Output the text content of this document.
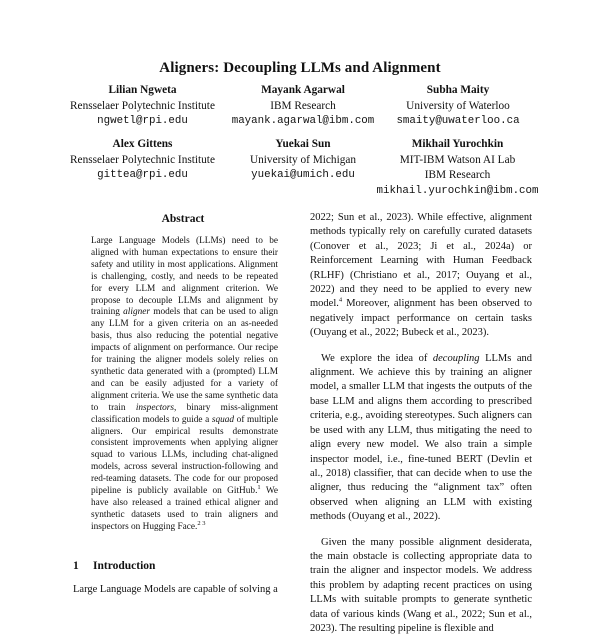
Aligners: Decoupling LLMs and Alignment
Lilian Ngweta
Rensselaer Polytechnic Institute
ngwetl@rpi.edu
Mayank Agarwal
IBM Research
mayank.agarwal@ibm.com
Subha Maity
University of Waterloo
smaity@uwaterloo.ca
Alex Gittens
Rensselaer Polytechnic Institute
gittea@rpi.edu
Yuekai Sun
University of Michigan
yuekai@umich.edu
Mikhail Yurochkin
MIT-IBM Watson AI Lab
IBM Research
mikhail.yurochkin@ibm.com
Abstract
Large Language Models (LLMs) need to be aligned with human expectations to ensure their safety and utility in most applications. Alignment is challenging, costly, and needs to be repeated for every LLM and alignment criterion. We propose to decouple LLMs and alignment by training aligner models that can be used to align any LLM for a given criteria on an as-needed basis, thus also reducing the potential negative impacts of alignment on performance. Our recipe for training the aligner models solely relies on synthetic data generated with a (prompted) LLM and can be easily adjusted for a variety of alignment criteria. We use the same synthetic data to train inspectors, binary miss-alignment classification models to guide a squad of multiple aligners. Our empirical results demonstrate consistent improvements when applying aligner squad to various LLMs, including chat-aligned models, across several instruction-following and red-teaming datasets. The code for our proposed pipeline is publicly available on GitHub.$^1$ We have also released a trained ethical aligner and synthetic datasets used to train aligners and inspectors on Hugging Face.$^{2 3}$
1 Introduction
Large Language Models are capable of solving a

2022; Sun et al., 2023). While effective, alignment methods typically rely on carefully curated datasets (Conover et al., 2023; Ji et al., 2024a) or Reinforcement Learning with Human Feedback (RLHF) (Christiano et al., 2017; Ouyang et al., 2022) and they need to be applied to every new model.$^4$ Moreover, alignment has been observed to negatively impact performance on certain tasks (Ouyang et al., 2022; Bubeck et al., 2023).

We explore the idea of decoupling LLMs and alignment. We achieve this by training an aligner model, a smaller LLM that ingests the outputs of the base LLM and aligns them according to prescribed criteria, e.g., avoiding stereotypes. Such aligners can be used with any LLM, thus mitigating the need to align every new model. We also train a simple inspector model, i.e., fine-tuned BERT (Devlin et al., 2018) classifier, that can decide when to use the aligner, thus reducing the “alignment tax” often observed when aligning an LLM with existing methods (Ouyang et al., 2022).

Given the many possible alignment desiderata, the main obstacle is collecting appropriate data to train the aligner and inspector models. We address this problem by adapting recent practices on using LLMs with suitable prompts to generate synthetic data of various kinds (Wang et al., 2022; Sun et al., 2023). The resulting pipeline is flexible and
